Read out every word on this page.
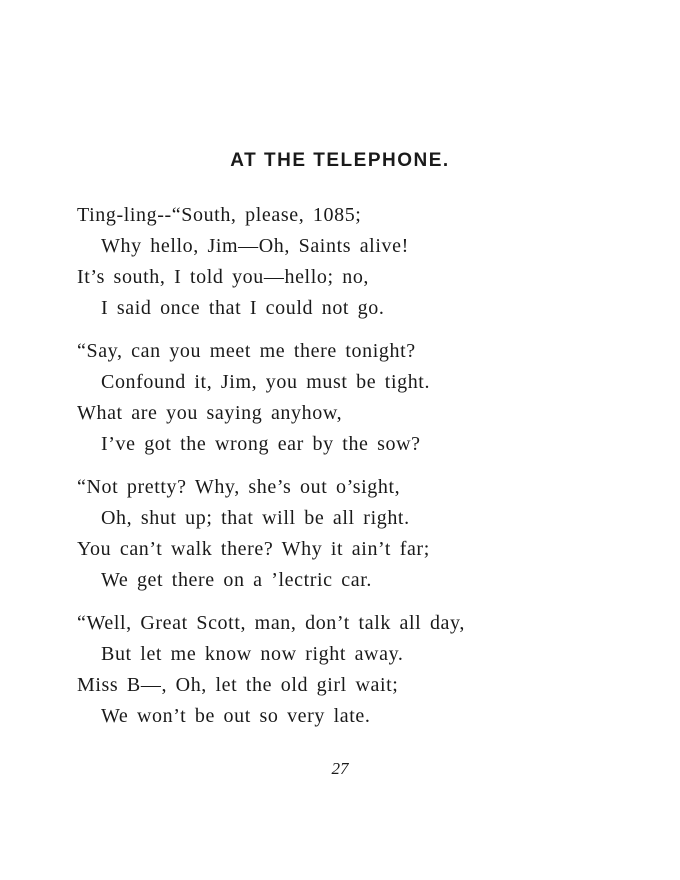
AT THE TELEPHONE.
Ting-ling--“South, please, 1085;
Why hello, Jim—Oh, Saints alive!
It’s south, I told you—hello; no,
I said once that I could not go.
“Say, can you meet me there tonight?
Confound it, Jim, you must be tight.
What are you saying anyhow,
I’ve got the wrong ear by the sow?
“Not pretty? Why, she’s out o’sight,
Oh, shut up; that will be all right.
You can’t walk there? Why it ain’t far;
We get there on a ’lectric car.
“Well, Great Scott, man, don’t talk all day,
But let me know now right away.
Miss B—, Oh, let the old girl wait;
We won’t be out so very late.
27
